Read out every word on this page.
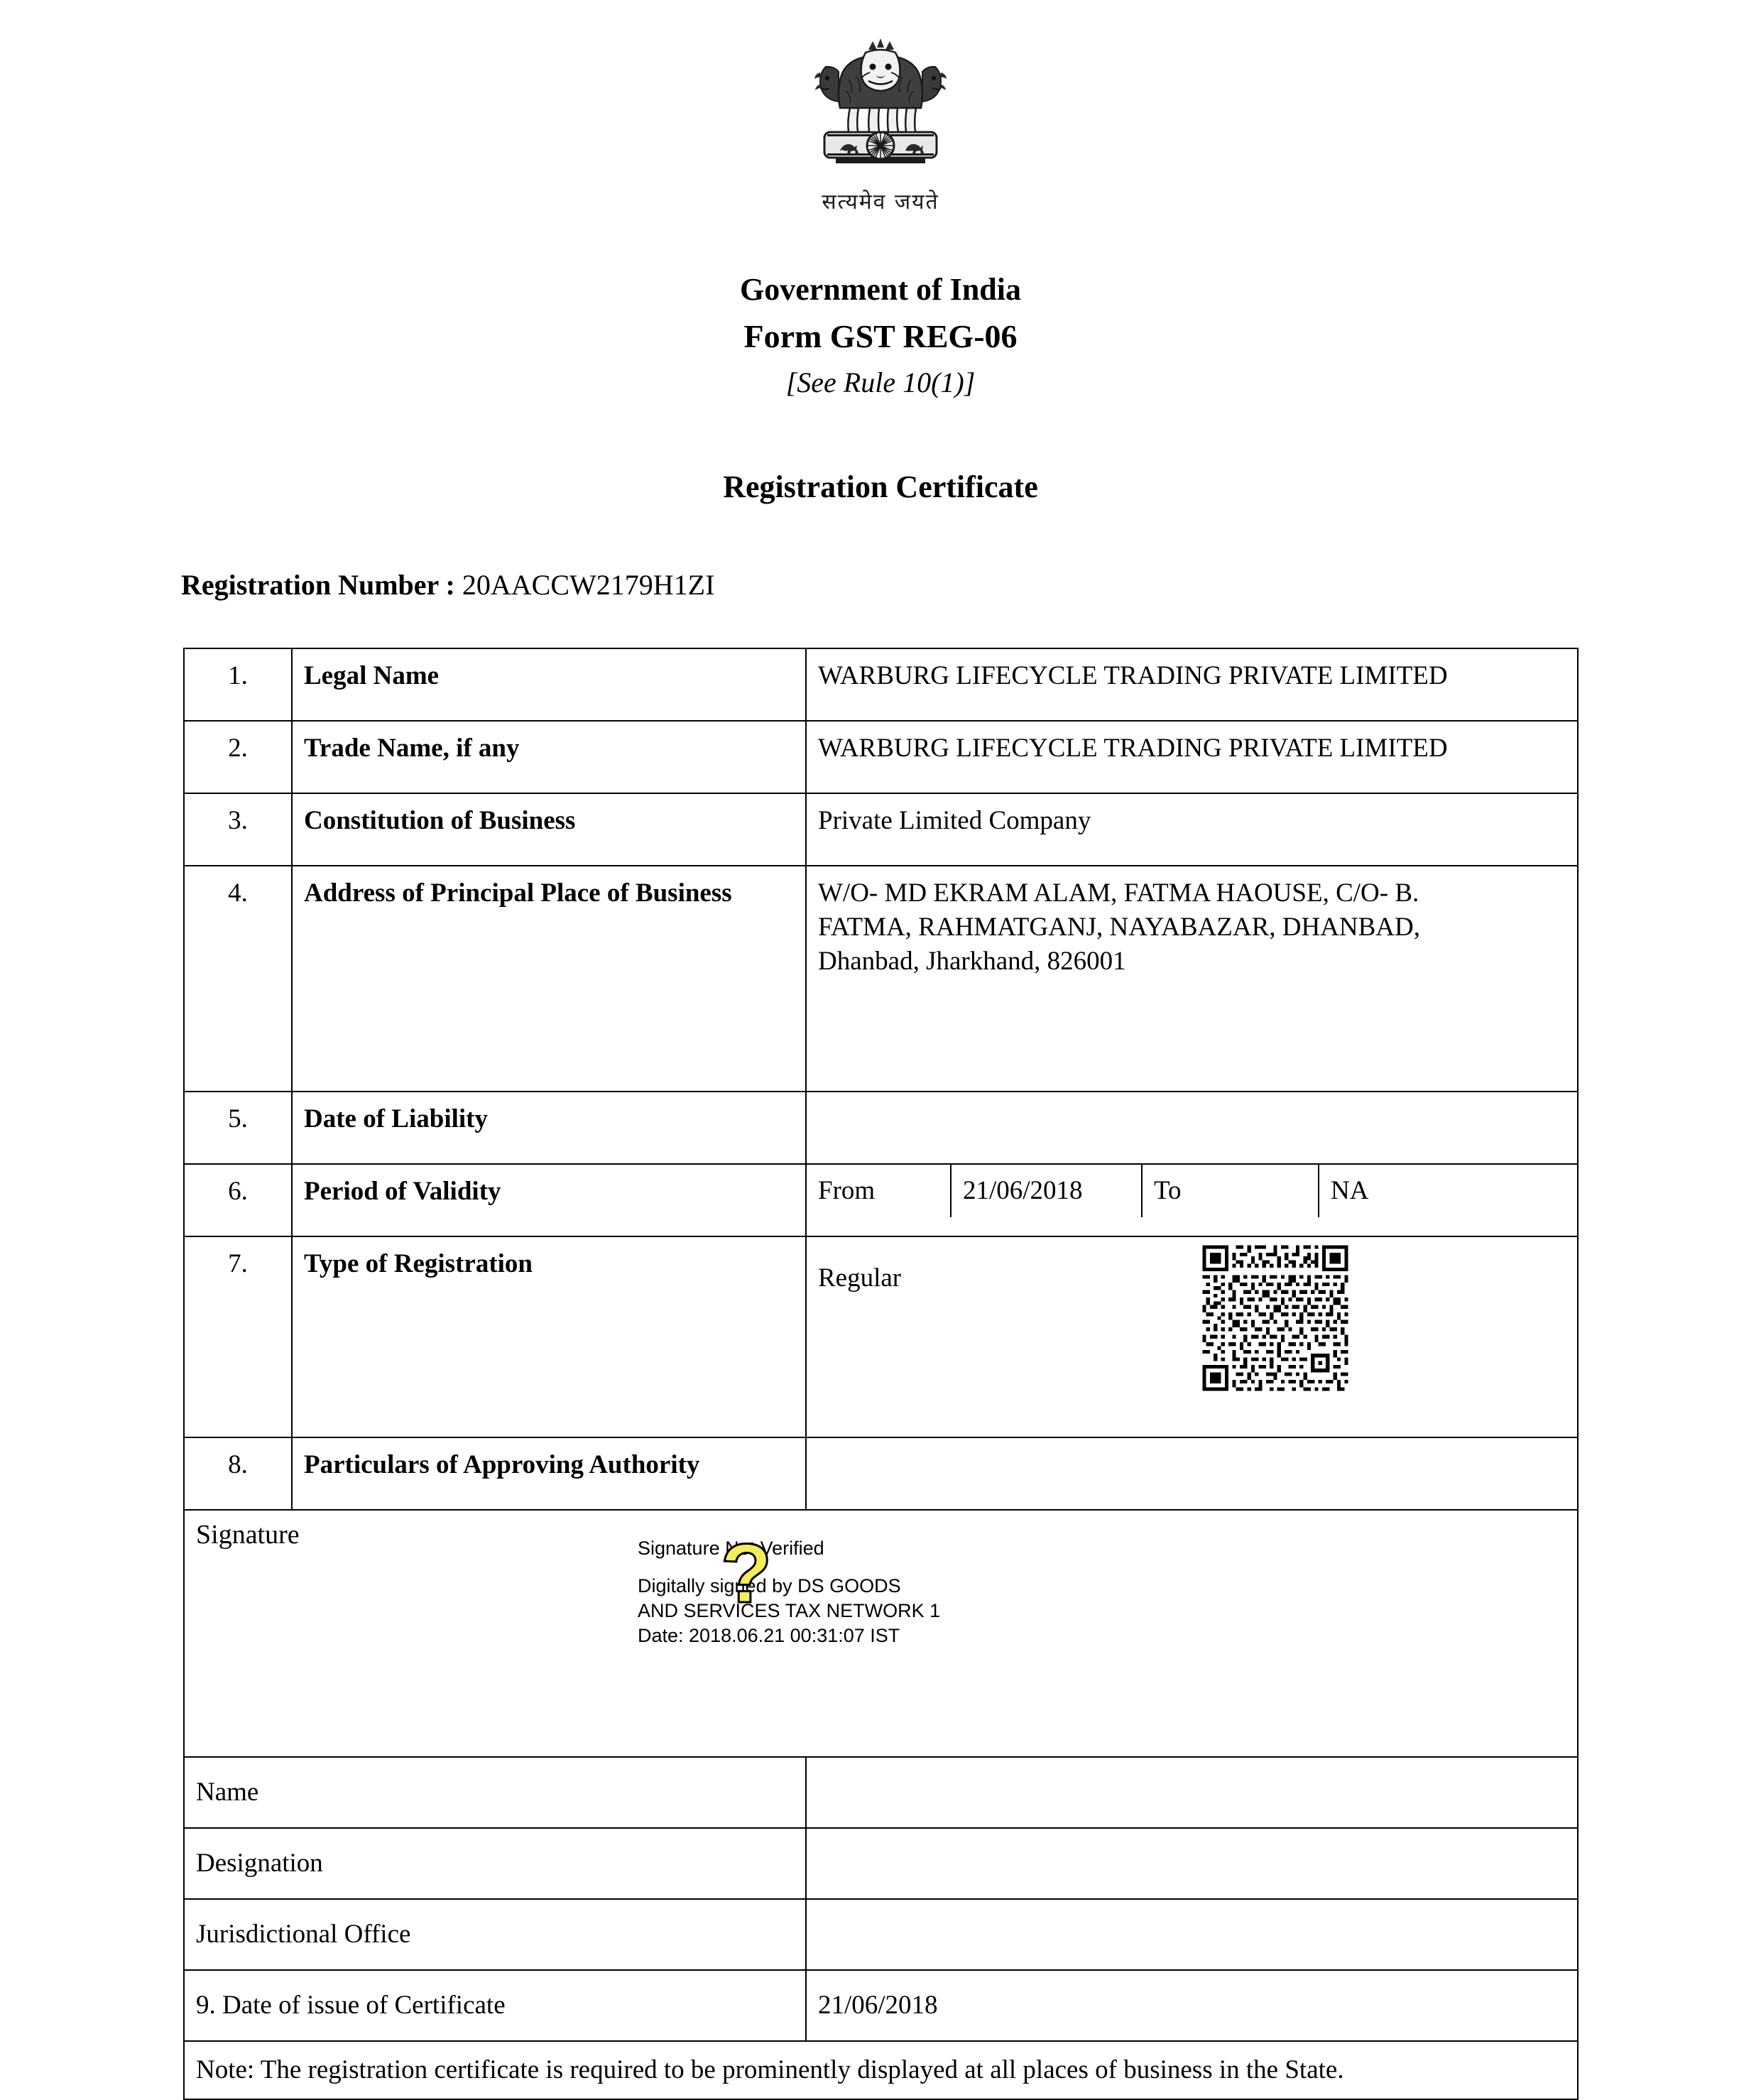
सत्यमेव जयते
Government of India
Form GST REG-06
[See Rule 10(1)]
Registration Certificate
Registration Number : 20AACCW2179H1ZI
1.	Legal Name	WARBURG LIFECYCLE TRADING PRIVATE LIMITED
2.	Trade Name, if any	WARBURG LIFECYCLE TRADING PRIVATE LIMITED
3.	Constitution of Business	Private Limited Company
4.	Address of Principal Place of Business	W/O- MD EKRAM ALAM, FATMA HAOUSE, C/O- B.
FATMA, RAHMATGANJ, NAYABAZAR, DHANBAD,
Dhanbad, Jharkhand, 826001

5.	Date of Liability	
6.	Period of Validity		From	21/06/2018	To	NA

7.	Type of Registration	Regular

8.	Particulars of Approving Authority	

Signature	Signature Not Verified
Digitally signed by DS GOODS
AND SERVICES TAX NETWORK 1
Date: 2018.06.21 00:31:07 IST
?

Name	
Designation	
Jurisdictional Office	
9. Date of issue of Certificate	21/06/2018
Note: The registration certificate is required to be prominently displayed at all places of business in the State.
